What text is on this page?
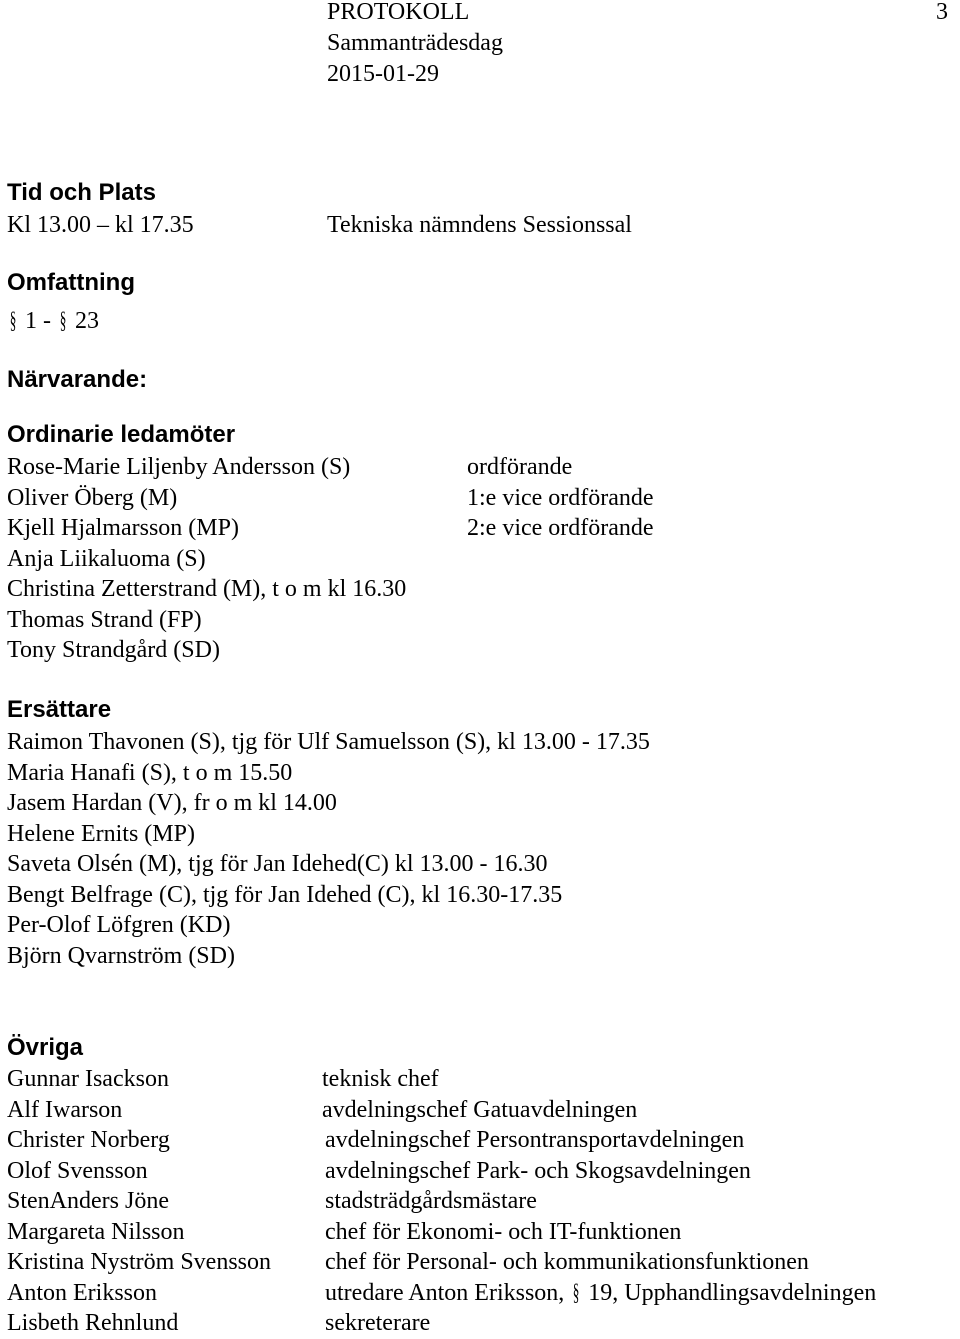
PROTOKOLL
Sammanträdesdag
2015-01-29
3
Tid och Plats
Kl 13.00 – kl 17.35	Tekniska nämndens Sessionssal
Omfattning
§ 1 - § 23
Närvarande:
Ordinarie ledamöter
Rose-Marie Liljenby Andersson (S)
Oliver Öberg (M)
Kjell Hjalmarsson (MP)
Anja Liikaluoma (S)
Christina Zetterstrand (M), t o m kl 16.30
Thomas Strand (FP)
Tony Strandgård (SD)
ordförande
1:e vice ordförande
2:e vice ordförande
Ersättare
Raimon Thavonen (S), tjg för Ulf Samuelsson (S), kl 13.00 - 17.35
Maria Hanafi (S), t o m 15.50
Jasem Hardan (V), fr o m kl 14.00
Helene Ernits (MP)
Saveta Olsén (M), tjg för Jan Idehed(C) kl 13.00 - 16.30
Bengt Belfrage (C), tjg för Jan Idehed (C), kl 16.30-17.35
Per-Olof Löfgren (KD)
Björn Qvarnström (SD)
Övriga
Gunnar Isackson
Alf Iwarson
Christer Norberg
Olof Svensson
StenAnders Jöne
Margareta Nilsson
Kristina Nyström Svensson
Anton Eriksson
Lisbeth Rehnlund
teknisk chef
avdelningschef Gatuavdelningen
avdelningschef Persontransportavdelningen
avdelningschef Park- och Skogsavdelningen
stadsträdgårdsmästare
chef för Ekonomi- och IT-funktionen
chef för Personal- och kommunikationsfunktionen
utredare Anton Eriksson, § 19, Upphandlingsavdelningen
sekreterare
